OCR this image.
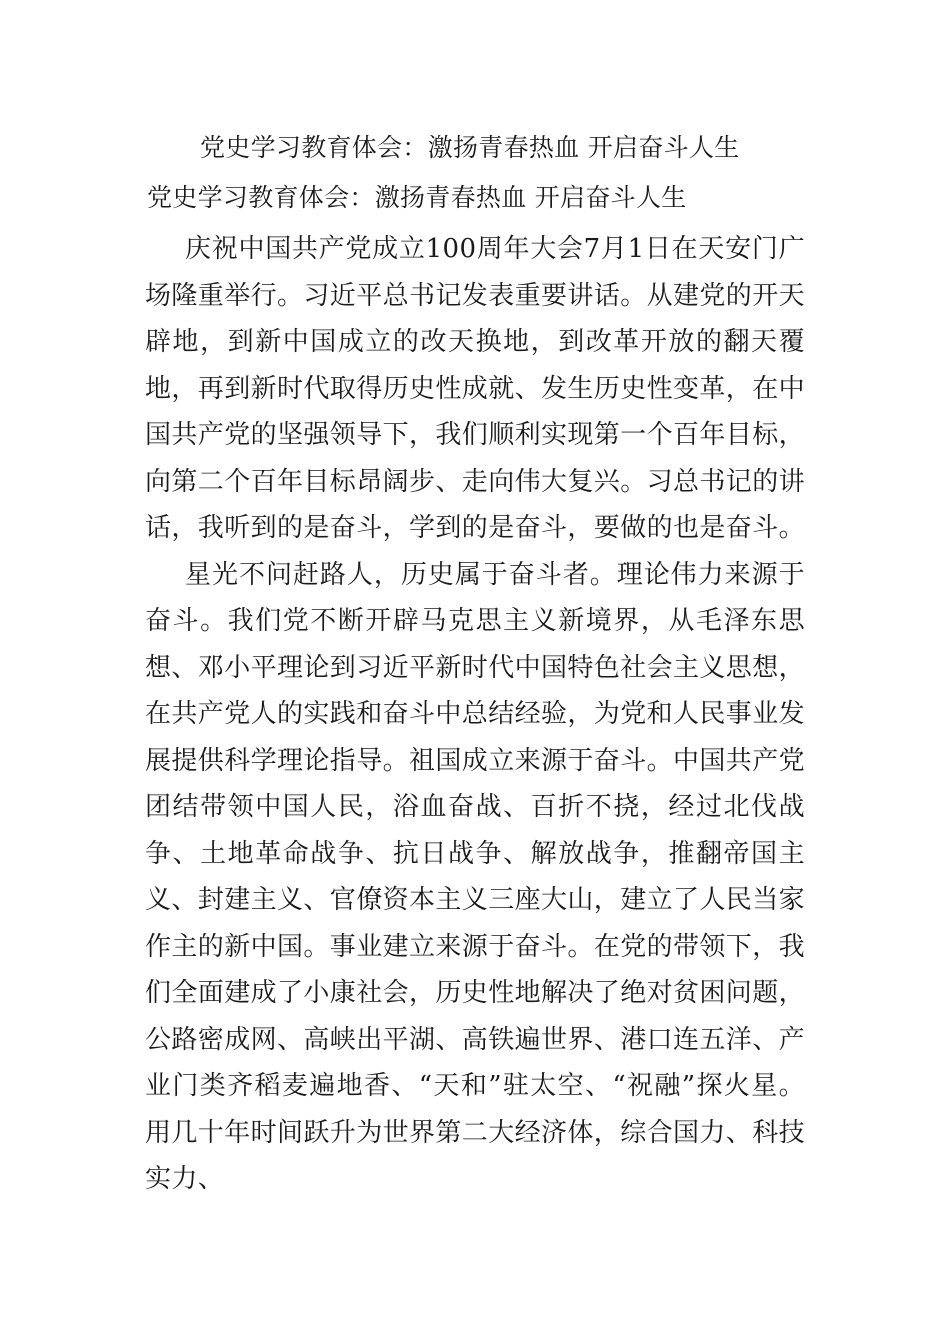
党史学习教育体会：激扬青春热血 开启奋斗人生
党史学习教育体会：激扬青春热血 开启奋斗人生

庆祝中国共产党成立100周年大会7月1日在天安门广场隆重举行。习近平总书记发表重要讲话。从建党的开天辟地，到新中国成立的改天换地，到改革开放的翻天覆地，再到新时代取得历史性成就、发生历史性变革，在中国共产党的坚强领导下，我们顺利实现第一个百年目标，向第二个百年目标昂阔步、走向伟大复兴。习总书记的讲话，我听到的是奋斗，学到的是奋斗，要做的也是奋斗。

星光不问赶路人，历史属于奋斗者。理论伟力来源于奋斗。我们党不断开辟马克思主义新境界，从毛泽东思想、邓小平理论到习近平新时代中国特色社会主义思想，在共产党人的实践和奋斗中总结经验，为党和人民事业发展提供科学理论指导。祖国成立来源于奋斗。中国共产党团结带领中国人民，浴血奋战、百折不挠，经过北伐战争、土地革命战争、抗日战争、解放战争，推翻帝国主义、封建主义、官僚资本主义三座大山，建立了人民当家作主的新中国。事业建立来源于奋斗。在党的带领下，我们全面建成了小康社会，历史性地解决了绝对贫困问题，公路密成网、高峡出平湖、高铁遍世界、港口连五洋、产业门类齐稻麦遍地香、“天和”驻太空、“祝融”探火星。用几十年时间跃升为世界第二大经济体，综合国力、科技实力、
